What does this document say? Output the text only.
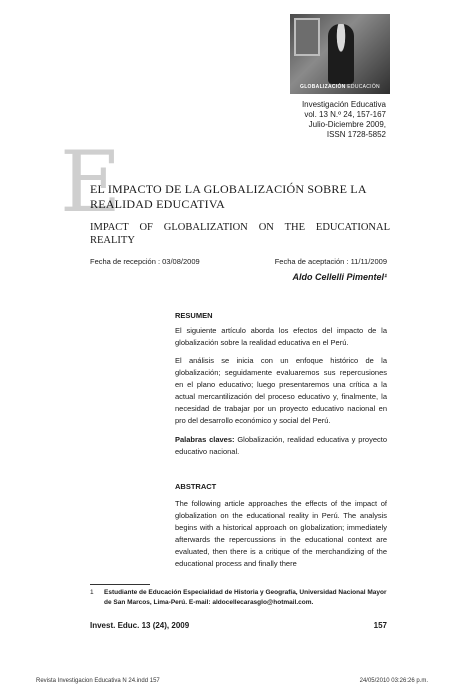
GLOBALIZACIÓN EDUCACIÓN
Investigación Educativa
vol. 13 N.º 24, 157-167
Julio-Diciembre 2009,
ISSN 1728-5852
E
EL IMPACTO DE LA GLOBALIZACIÓN SOBRE LA REALIDAD EDUCATIVA
IMPACT OF GLOBALIZATION ON THE EDUCATIONAL REALITY
Fecha de recepción : 03/08/2009	Fecha de aceptación : 11/11/2009
Aldo Cellelli Pimentel¹
RESUMEN
El siguiente artículo aborda los efectos del impacto de la globalización sobre la realidad educativa en el Perú.
El análisis se inicia con un enfoque histórico de la globalización; seguidamente evaluaremos sus repercusiones en el plano educativo; luego presentaremos una crítica a la actual mercantilización del proceso educativo y, finalmente, la necesidad de trabajar por un proyecto educativo nacional en pro del desarrollo económico y social del Perú.
Palabras claves: Globalización, realidad educativa y proyecto educativo nacional.
ABSTRACT
The following article approaches the effects of the impact of globalization on the educational reality in Perú. The analysis begins with a historical approach on globalization; immediately afterwards the repercussions in the educational context are evaluated, then there is a critique of the merchandizing of the educational process and finally there
1 Estudiante de Educación Especialidad de Historia y Geografía, Universidad Nacional Mayor de San Marcos, Lima-Perú. E-mail: aldocellecarasglo@hotmail.com.
Invest. Educ. 13 (24), 2009	157
Revista Investigacion Educativa N 24.indd 157	24/05/2010 03:26:26 p.m.
